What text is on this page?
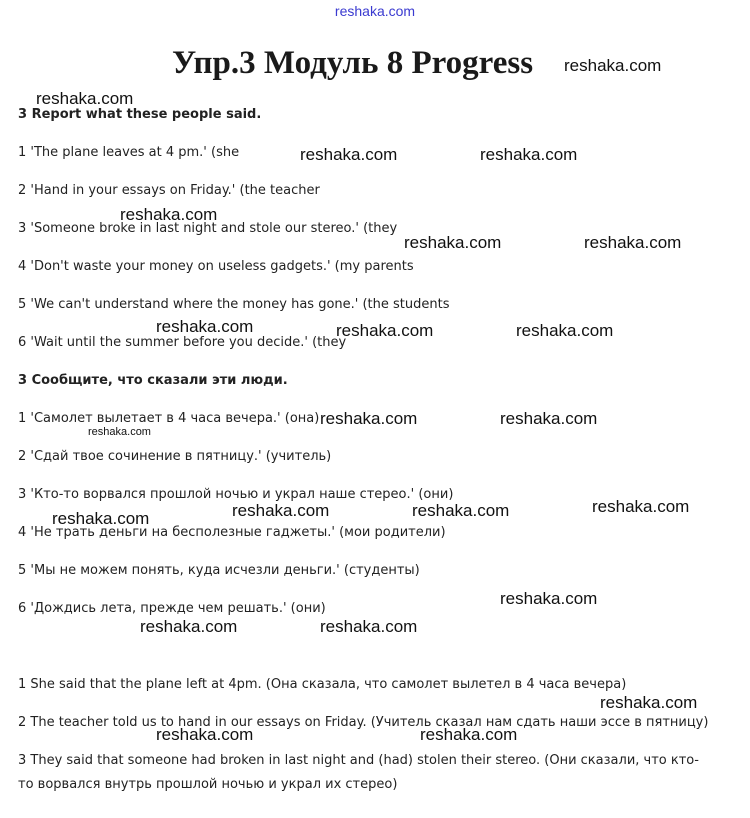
reshaka.com
Упр.3 Модуль 8 Progress
3 Report what these people said.
1 'The plane leaves at 4 pm.' (she
2 'Hand in your essays on Friday.' (the teacher
3 'Someone broke in last night and stole our stereo.' (they
4 'Don't waste your money on useless gadgets.' (my parents
5 'We can't understand where the money has gone.' (the students
6 'Wait until the summer before you decide.' (they
3 Сообщите, что сказали эти люди.
1 'Самолет вылетает в 4 часа вечера.' (она)
2 'Сдай твое сочинение в пятницу.' (учитель)
3 'Кто-то ворвался прошлой ночью и украл наше стерео.' (они)
4 'Не трать деньги на бесполезные гаджеты.' (мои родители)
5 'Мы не можем понять, куда исчезли деньги.' (студенты)
6 'Дождись лета, прежде чем решать.' (они)
1 She said that the plane left at 4pm. (Она сказала, что самолет вылетел в 4 часа вечера)
2 The teacher told us to hand in our essays on Friday. (Учитель сказал нам сдать наши эссе в пятницу)
3 They said that someone had broken in last night and (had) stolen their stereo. (Они сказали, что кто-
то ворвался внутрь прошлой ночью и украл их стерео)
reshaka.com
reshaka.com
reshaka.com	reshaka.com
reshaka.com
reshaka.com	reshaka.com
reshaka.com	reshaka.com	reshaka.com
reshaka.com	reshaka.com
reshaka.com
reshaka.com	reshaka.com	reshaka.com
reshaka.com
reshaka.com
reshaka.com	reshaka.com
reshaka.com
reshaka.com	reshaka.com
